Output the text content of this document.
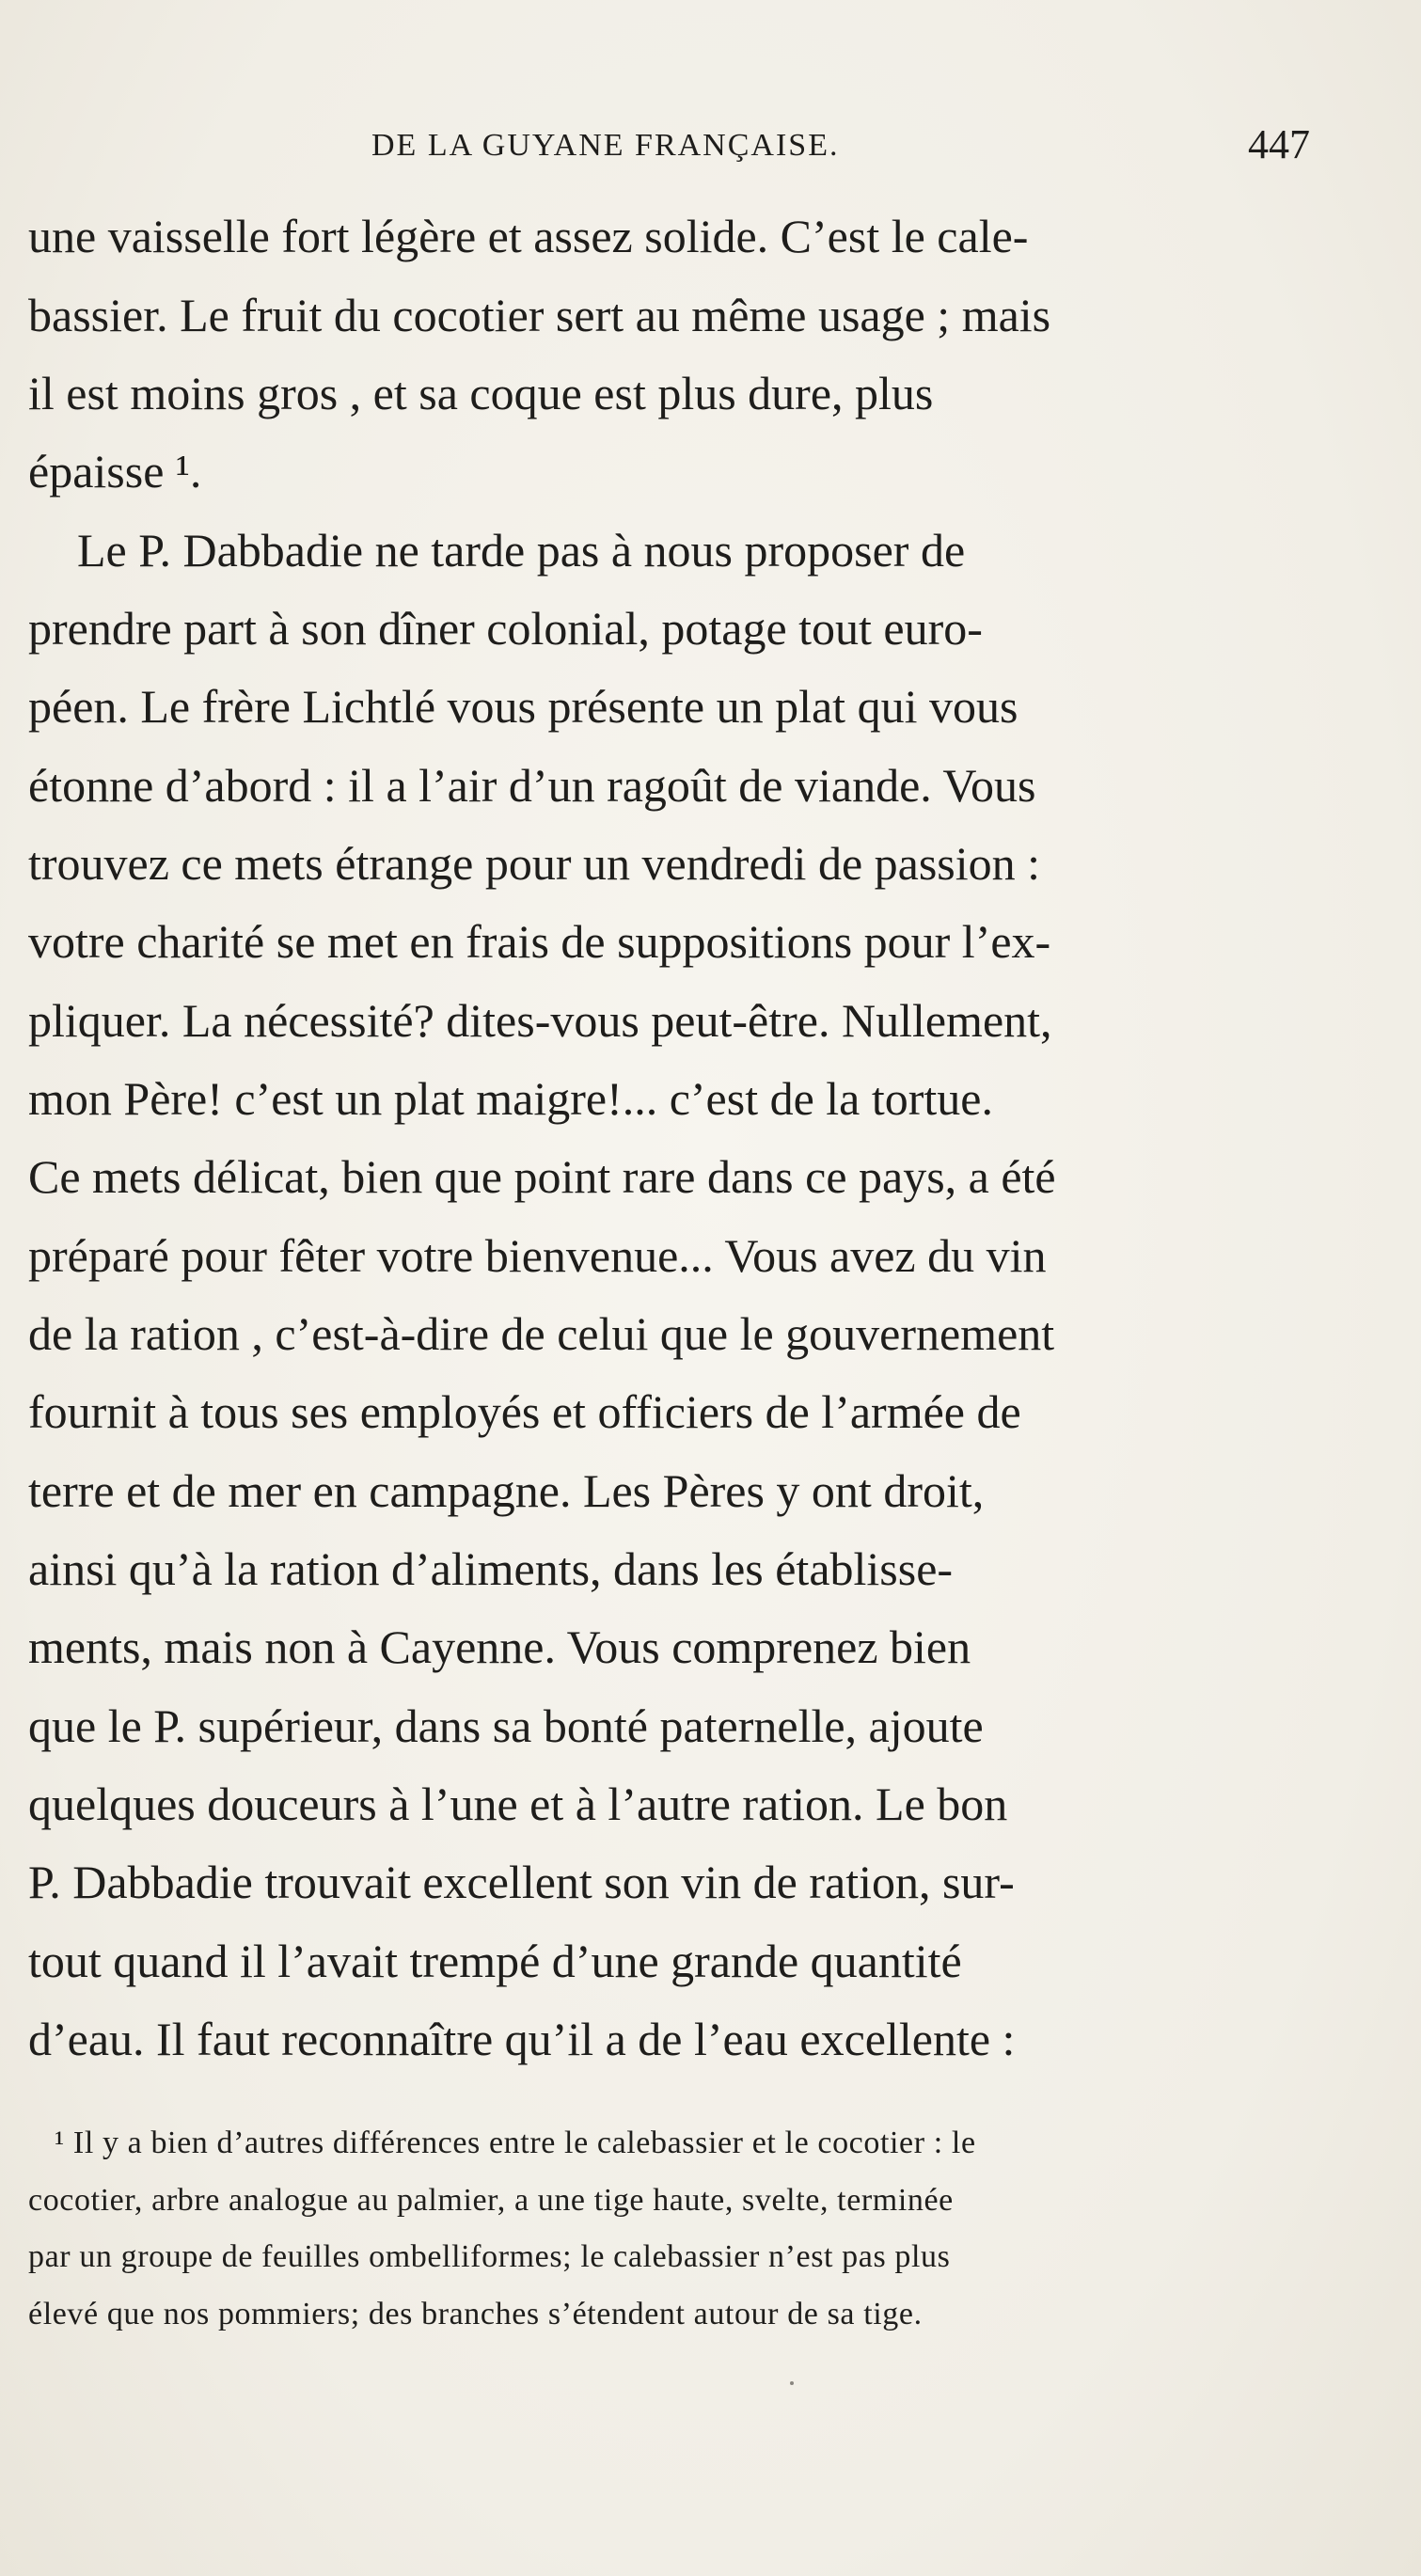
DE LA GUYANE FRANÇAISE.	447
une vaisselle fort légère et assez solide. C’est le cale-
bassier. Le fruit du cocotier sert au même usage ; mais
il est moins gros , et sa coque est plus dure, plus
épaisse ¹.
Le P. Dabbadie ne tarde pas à nous proposer de
prendre part à son dîner colonial, potage tout euro-
péen. Le frère Lichtlé vous présente un plat qui vous
étonne d’abord : il a l’air d’un ragoût de viande. Vous
trouvez ce mets étrange pour un vendredi de passion :
votre charité se met en frais de suppositions pour l’ex-
pliquer. La nécessité? dites-vous peut-être. Nullement,
mon Père! c’est un plat maigre!... c’est de la tortue.
Ce mets délicat, bien que point rare dans ce pays, a été
préparé pour fêter votre bienvenue... Vous avez du vin
de la ration , c’est-à-dire de celui que le gouvernement
fournit à tous ses employés et officiers de l’armée de
terre et de mer en campagne. Les Pères y ont droit,
ainsi qu’à la ration d’aliments, dans les établisse-
ments, mais non à Cayenne. Vous comprenez bien
que le P. supérieur, dans sa bonté paternelle, ajoute
quelques douceurs à l’une et à l’autre ration. Le bon
P. Dabbadie trouvait excellent son vin de ration, sur-
tout quand il l’avait trempé d’une grande quantité
d’eau. Il faut reconnaître qu’il a de l’eau excellente :
¹ Il y a bien d’autres différences entre le calebassier et le cocotier : le
cocotier, arbre analogue au palmier, a une tige haute, svelte, terminée
par un groupe de feuilles ombelliformes; le calebassier n’est pas plus
élevé que nos pommiers; des branches s’étendent autour de sa tige.
